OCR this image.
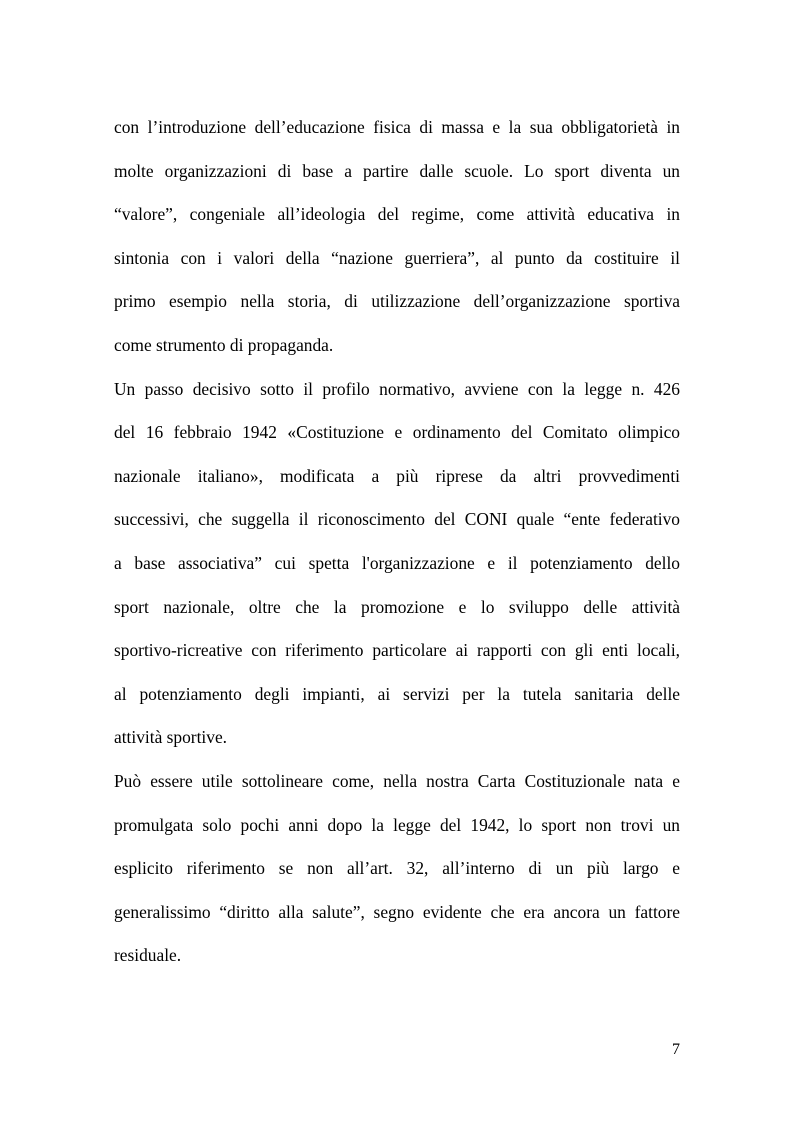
con l’introduzione dell’educazione fisica di massa e la sua obbligatorietà in
molte organizzazioni di base a partire dalle scuole. Lo sport diventa un
“valore”, congeniale all’ideologia del regime, come attività educativa in
sintonia con i valori della “nazione guerriera”, al punto da costituire il
primo esempio nella storia, di utilizzazione dell’organizzazione sportiva
come strumento di propaganda.
Un passo decisivo sotto il profilo normativo, avviene con la legge n. 426
del 16 febbraio 1942 «Costituzione e ordinamento del Comitato olimpico
nazionale italiano», modificata a più riprese da altri provvedimenti
successivi, che suggella il riconoscimento del CONI quale “ente federativo
a base associativa” cui spetta l'organizzazione e il potenziamento dello
sport nazionale, oltre che la promozione e lo sviluppo delle attività
sportivo-ricreative con riferimento particolare ai rapporti con gli enti locali,
al potenziamento degli impianti, ai servizi per la tutela sanitaria delle
attività sportive.
Può essere utile sottolineare come, nella nostra Carta Costituzionale nata e
promulgata solo pochi anni dopo la legge del 1942, lo sport non trovi un
esplicito riferimento se non all’art. 32, all’interno di un più largo e
generalissimo “diritto alla salute”, segno evidente che era ancora un fattore
residuale.
7
